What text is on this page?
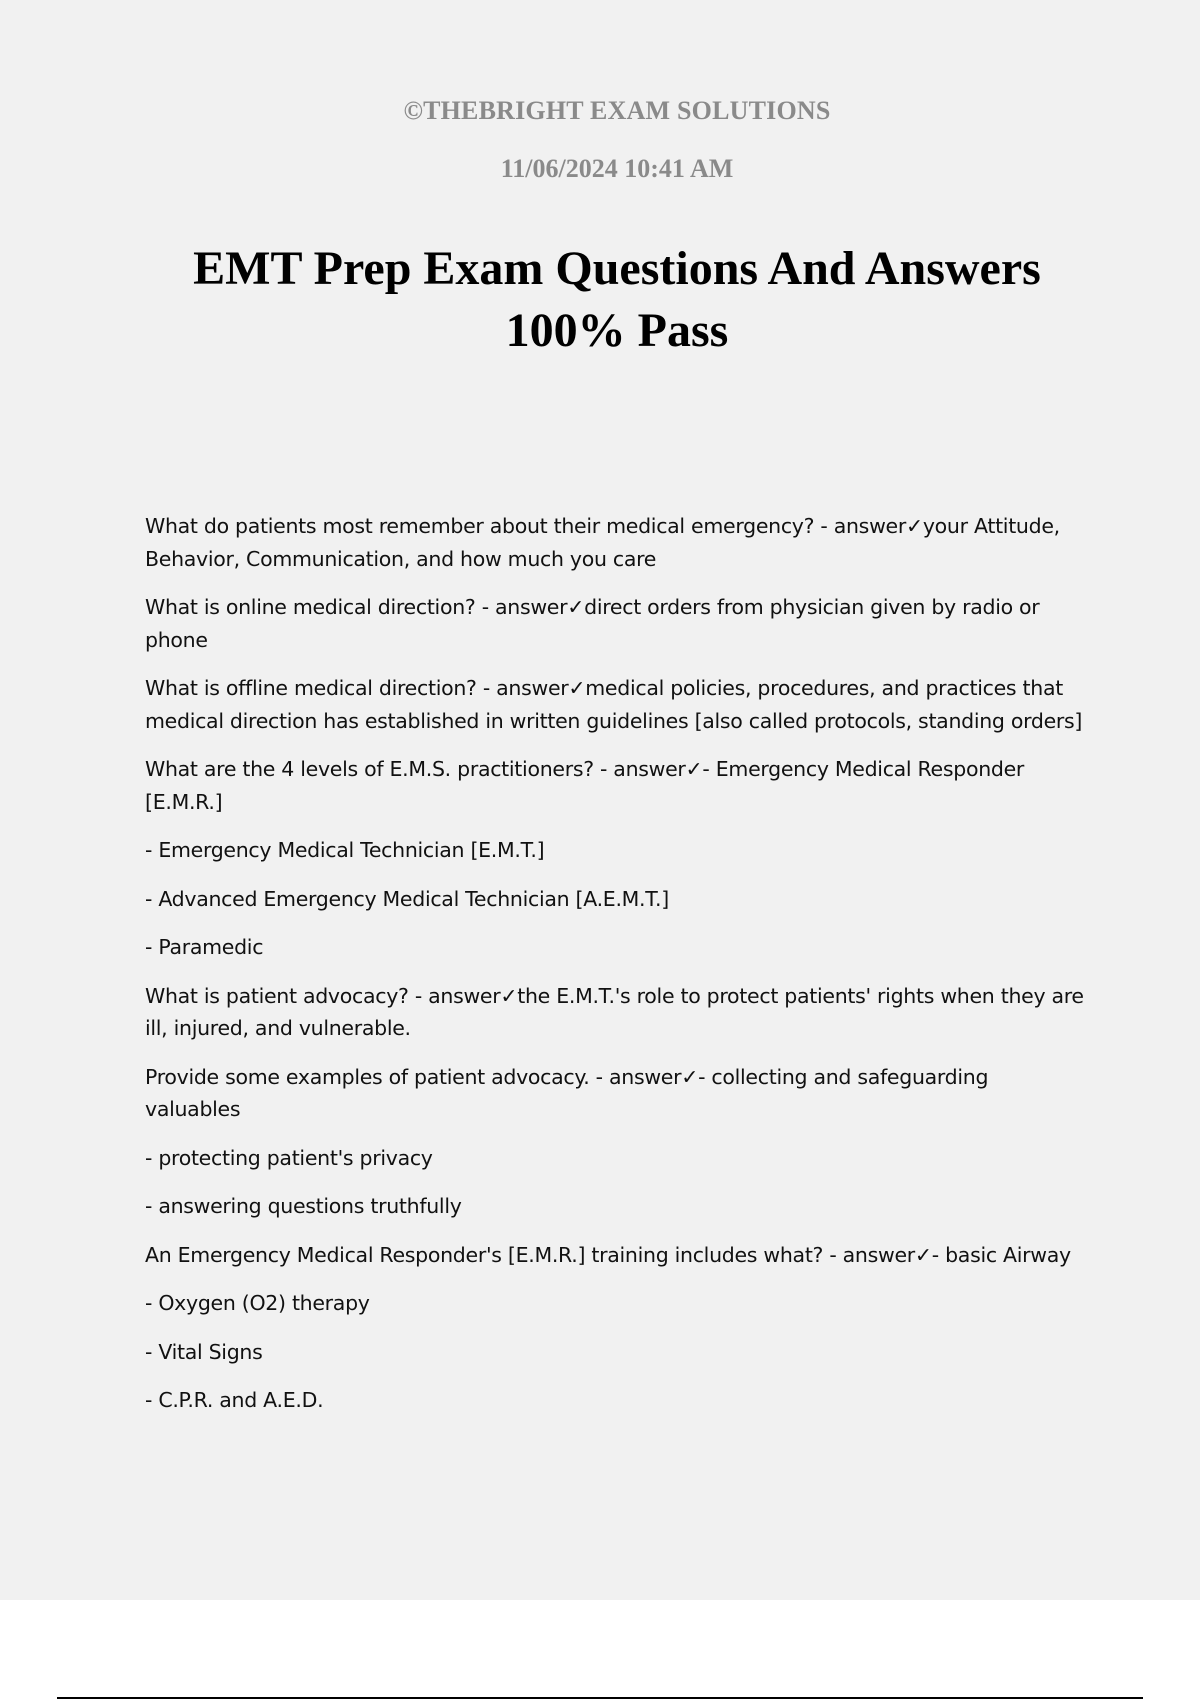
©THEBRIGHT EXAM SOLUTIONS
11/06/2024 10:41 AM
EMT Prep Exam Questions And Answers 100% Pass

What do patients most remember about their medical emergency? - answer✓your Attitude, Behavior, Communication, and how much you care

What is online medical direction? - answer✓direct orders from physician given by radio or phone

What is offline medical direction? - answer✓medical policies, procedures, and practices that medical direction has established in written guidelines [also called protocols, standing orders]

What are the 4 levels of E.M.S. practitioners? - answer✓- Emergency Medical Responder [E.M.R.]

- Emergency Medical Technician [E.M.T.]

- Advanced Emergency Medical Technician [A.E.M.T.]

- Paramedic

What is patient advocacy? - answer✓the E.M.T.'s role to protect patients' rights when they are ill, injured, and vulnerable.

Provide some examples of patient advocacy. - answer✓- collecting and safeguarding valuables

- protecting patient's privacy

- answering questions truthfully

An Emergency Medical Responder's [E.M.R.] training includes what? - answer✓- basic Airway

- Oxygen (O2) therapy

- Vital Signs

- C.P.R. and A.E.D.
